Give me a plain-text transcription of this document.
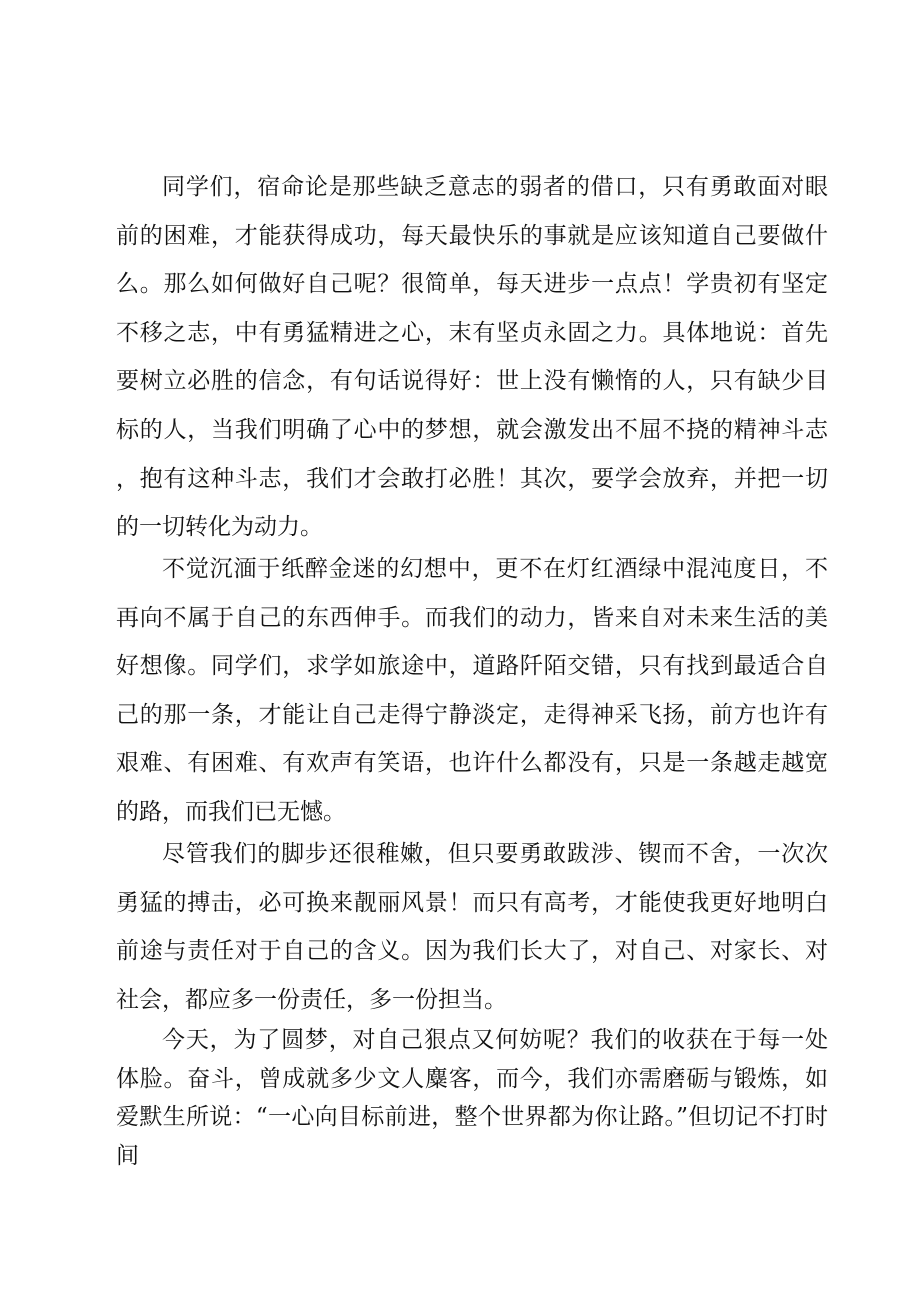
同学们，宿命论是那些缺乏意志的弱者的借口，只有勇敢面对眼前的困难，才能获得成功，每天最快乐的事就是应该知道自己要做什么。那么如何做好自己呢？很简单，每天进步一点点！学贵初有坚定不移之志，中有勇猛精进之心，末有坚贞永固之力。具体地说：首先要树立必胜的信念，有句话说得好：世上没有懒惰的人，只有缺少目标的人，当我们明确了心中的梦想，就会激发出不屈不挠的精神斗志，抱有这种斗志，我们才会敢打必胜！其次，要学会放弃，并把一切的一切转化为动力。

不觉沉湎于纸醉金迷的幻想中，更不在灯红酒绿中混沌度日，不再向不属于自己的东西伸手。而我们的动力，皆来自对未来生活的美好想像。同学们，求学如旅途中，道路阡陌交错，只有找到最适合自己的那一条，才能让自己走得宁静淡定，走得神采飞扬，前方也许有艰难、有困难、有欢声有笑语，也许什么都没有，只是一条越走越宽的路，而我们已无憾。

尽管我们的脚步还很稚嫩，但只要勇敢跋涉、锲而不舍，一次次勇猛的搏击，必可换来靓丽风景！而只有高考，才能使我更好地明白前途与责任对于自己的含义。因为我们长大了，对自己、对家长、对社会，都应多一份责任，多一份担当。

今天，为了圆梦，对自己狠点又何妨呢？我们的收获在于每一处体脸。奋斗，曾成就多少文人麋客，而今，我们亦需磨砺与锻炼，如爱默生所说：“一心向目标前进，整个世界都为你让路。”但切记不打时间
